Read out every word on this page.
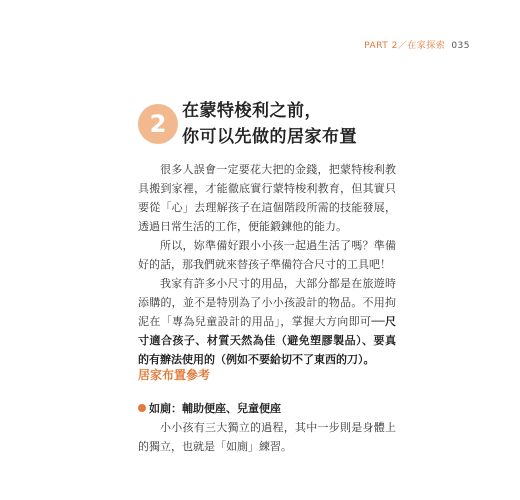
PART 2／在家探索 035
2 在蒙特梭利之前，
你可以先做的居家布置

很多人誤會一定要花大把的金錢，把蒙特梭利教具搬到家裡，才能徹底實行蒙特梭利教育，但其實只要從「心」去理解孩子在這個階段所需的技能發展，透過日常生活的工作，便能鍛鍊他的能力。

所以，妳準備好跟小小孩一起過生活了嗎？準備好的話，那我們就來替孩子準備符合尺寸的工具吧！

我家有許多小尺寸的用品，大部分都是在旅遊時添購的，並不是特別為了小小孩設計的物品。不用拘泥在「專為兒童設計的用品」，掌握大方向即可──尺寸適合孩子、材質天然為佳（避免塑膠製品）、要真的有辦法使用的（例如不要給切不了東西的刀）。

居家布置參考
如廁：輔助便座、兒童便座

小小孩有三大獨立的過程，其中一步則是身體上的獨立，也就是「如廁」練習。
